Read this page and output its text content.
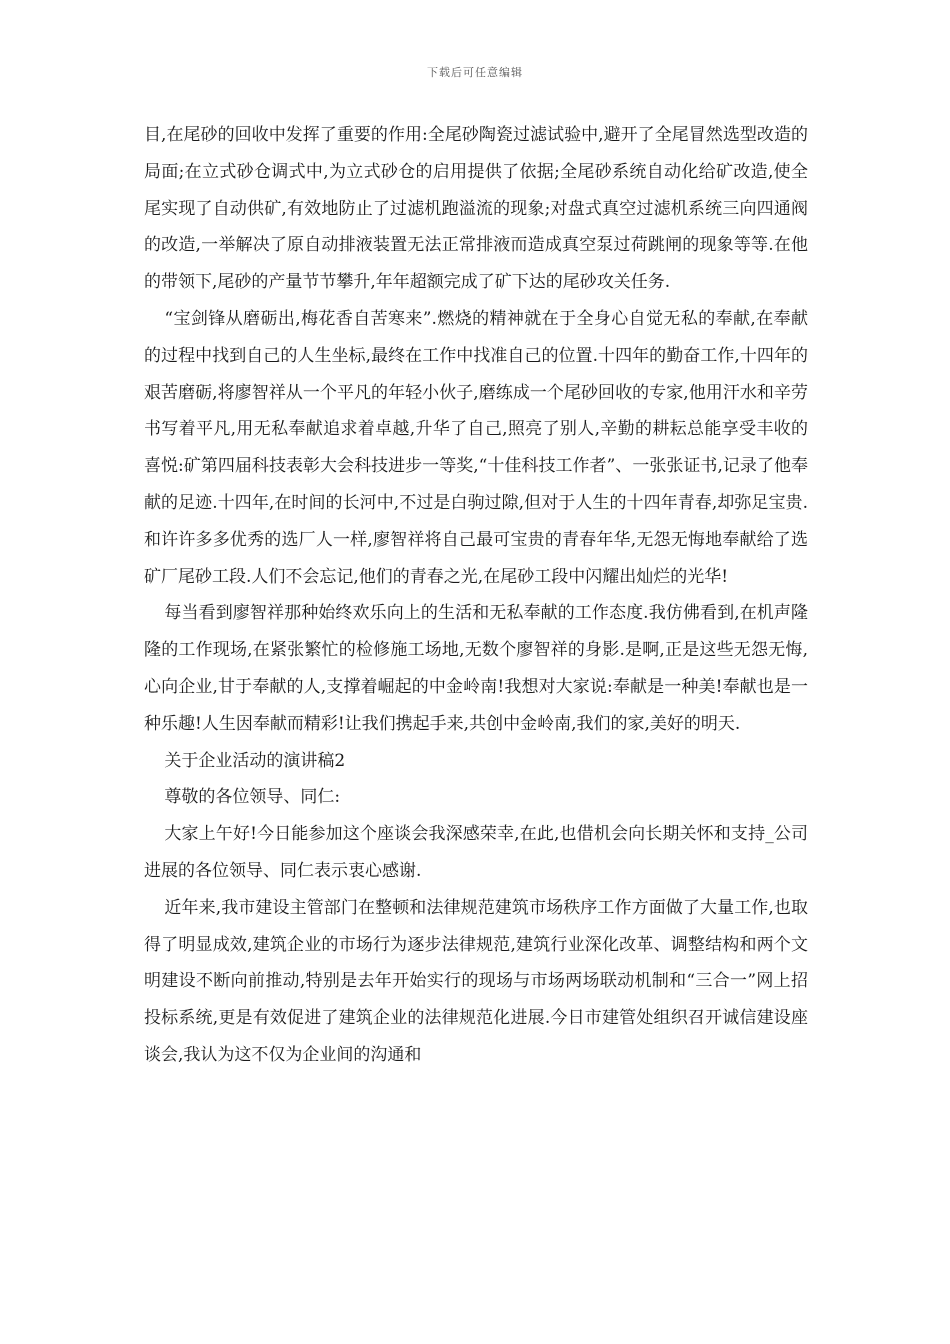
下载后可任意编辑

目,在尾砂的回收中发挥了重要的作用:全尾砂陶瓷过滤试验中,避开了全尾冒然选型改造的局面;在立式砂仓调式中,为立式砂仓的启用提供了依据;全尾砂系统自动化给矿改造,使全尾实现了自动供矿,有效地防止了过滤机跑溢流的现象;对盘式真空过滤机系统三向四通阀的改造,一举解决了原自动排液装置无法正常排液而造成真空泵过荷跳闸的现象等等.在他的带领下,尾砂的产量节节攀升,年年超额完成了矿下达的尾砂攻关任务.

“宝剑锋从磨砺出,梅花香自苦寒来”.燃烧的精神就在于全身心自觉无私的奉献,在奉献的过程中找到自己的人生坐标,最终在工作中找准自己的位置.十四年的勤奋工作,十四年的艰苦磨砺,将廖智祥从一个平凡的年轻小伙子,磨练成一个尾砂回收的专家,他用汗水和辛劳书写着平凡,用无私奉献追求着卓越,升华了自己,照亮了别人,辛勤的耕耘总能享受丰收的喜悦:矿第四届科技表彰大会科技进步一等奖,“十佳科技工作者”、一张张证书,记录了他奉献的足迹.十四年,在时间的长河中,不过是白驹过隙,但对于人生的十四年青春,却弥足宝贵.和许许多多优秀的选厂人一样,廖智祥将自己最可宝贵的青春年华,无怨无悔地奉献给了选矿厂尾砂工段.人们不会忘记,他们的青春之光,在尾砂工段中闪耀出灿烂的光华!

每当看到廖智祥那种始终欢乐向上的生活和无私奉献的工作态度.我仿佛看到,在机声隆隆的工作现场,在紧张繁忙的检修施工场地,无数个廖智祥的身影.是啊,正是这些无怨无悔,心向企业,甘于奉献的人,支撑着崛起的中金岭南!我想对大家说:奉献是一种美!奉献也是一种乐趣!人生因奉献而精彩!让我们携起手来,共创中金岭南,我们的家,美好的明天.

关于企业活动的演讲稿2

尊敬的各位领导、同仁:

大家上午好!今日能参加这个座谈会我深感荣幸,在此,也借机会向长期关怀和支持_公司进展的各位领导、同仁表示衷心感谢.

近年来,我市建设主管部门在整顿和法律规范建筑市场秩序工作方面做了大量工作,也取得了明显成效,建筑企业的市场行为逐步法律规范,建筑行业深化改革、调整结构和两个文明建设不断向前推动,特别是去年开始实行的现场与市场两场联动机制和“三合一”网上招投标系统,更是有效促进了建筑企业的法律规范化进展.今日市建管处组织召开诚信建设座谈会,我认为这不仅为企业间的沟通和
